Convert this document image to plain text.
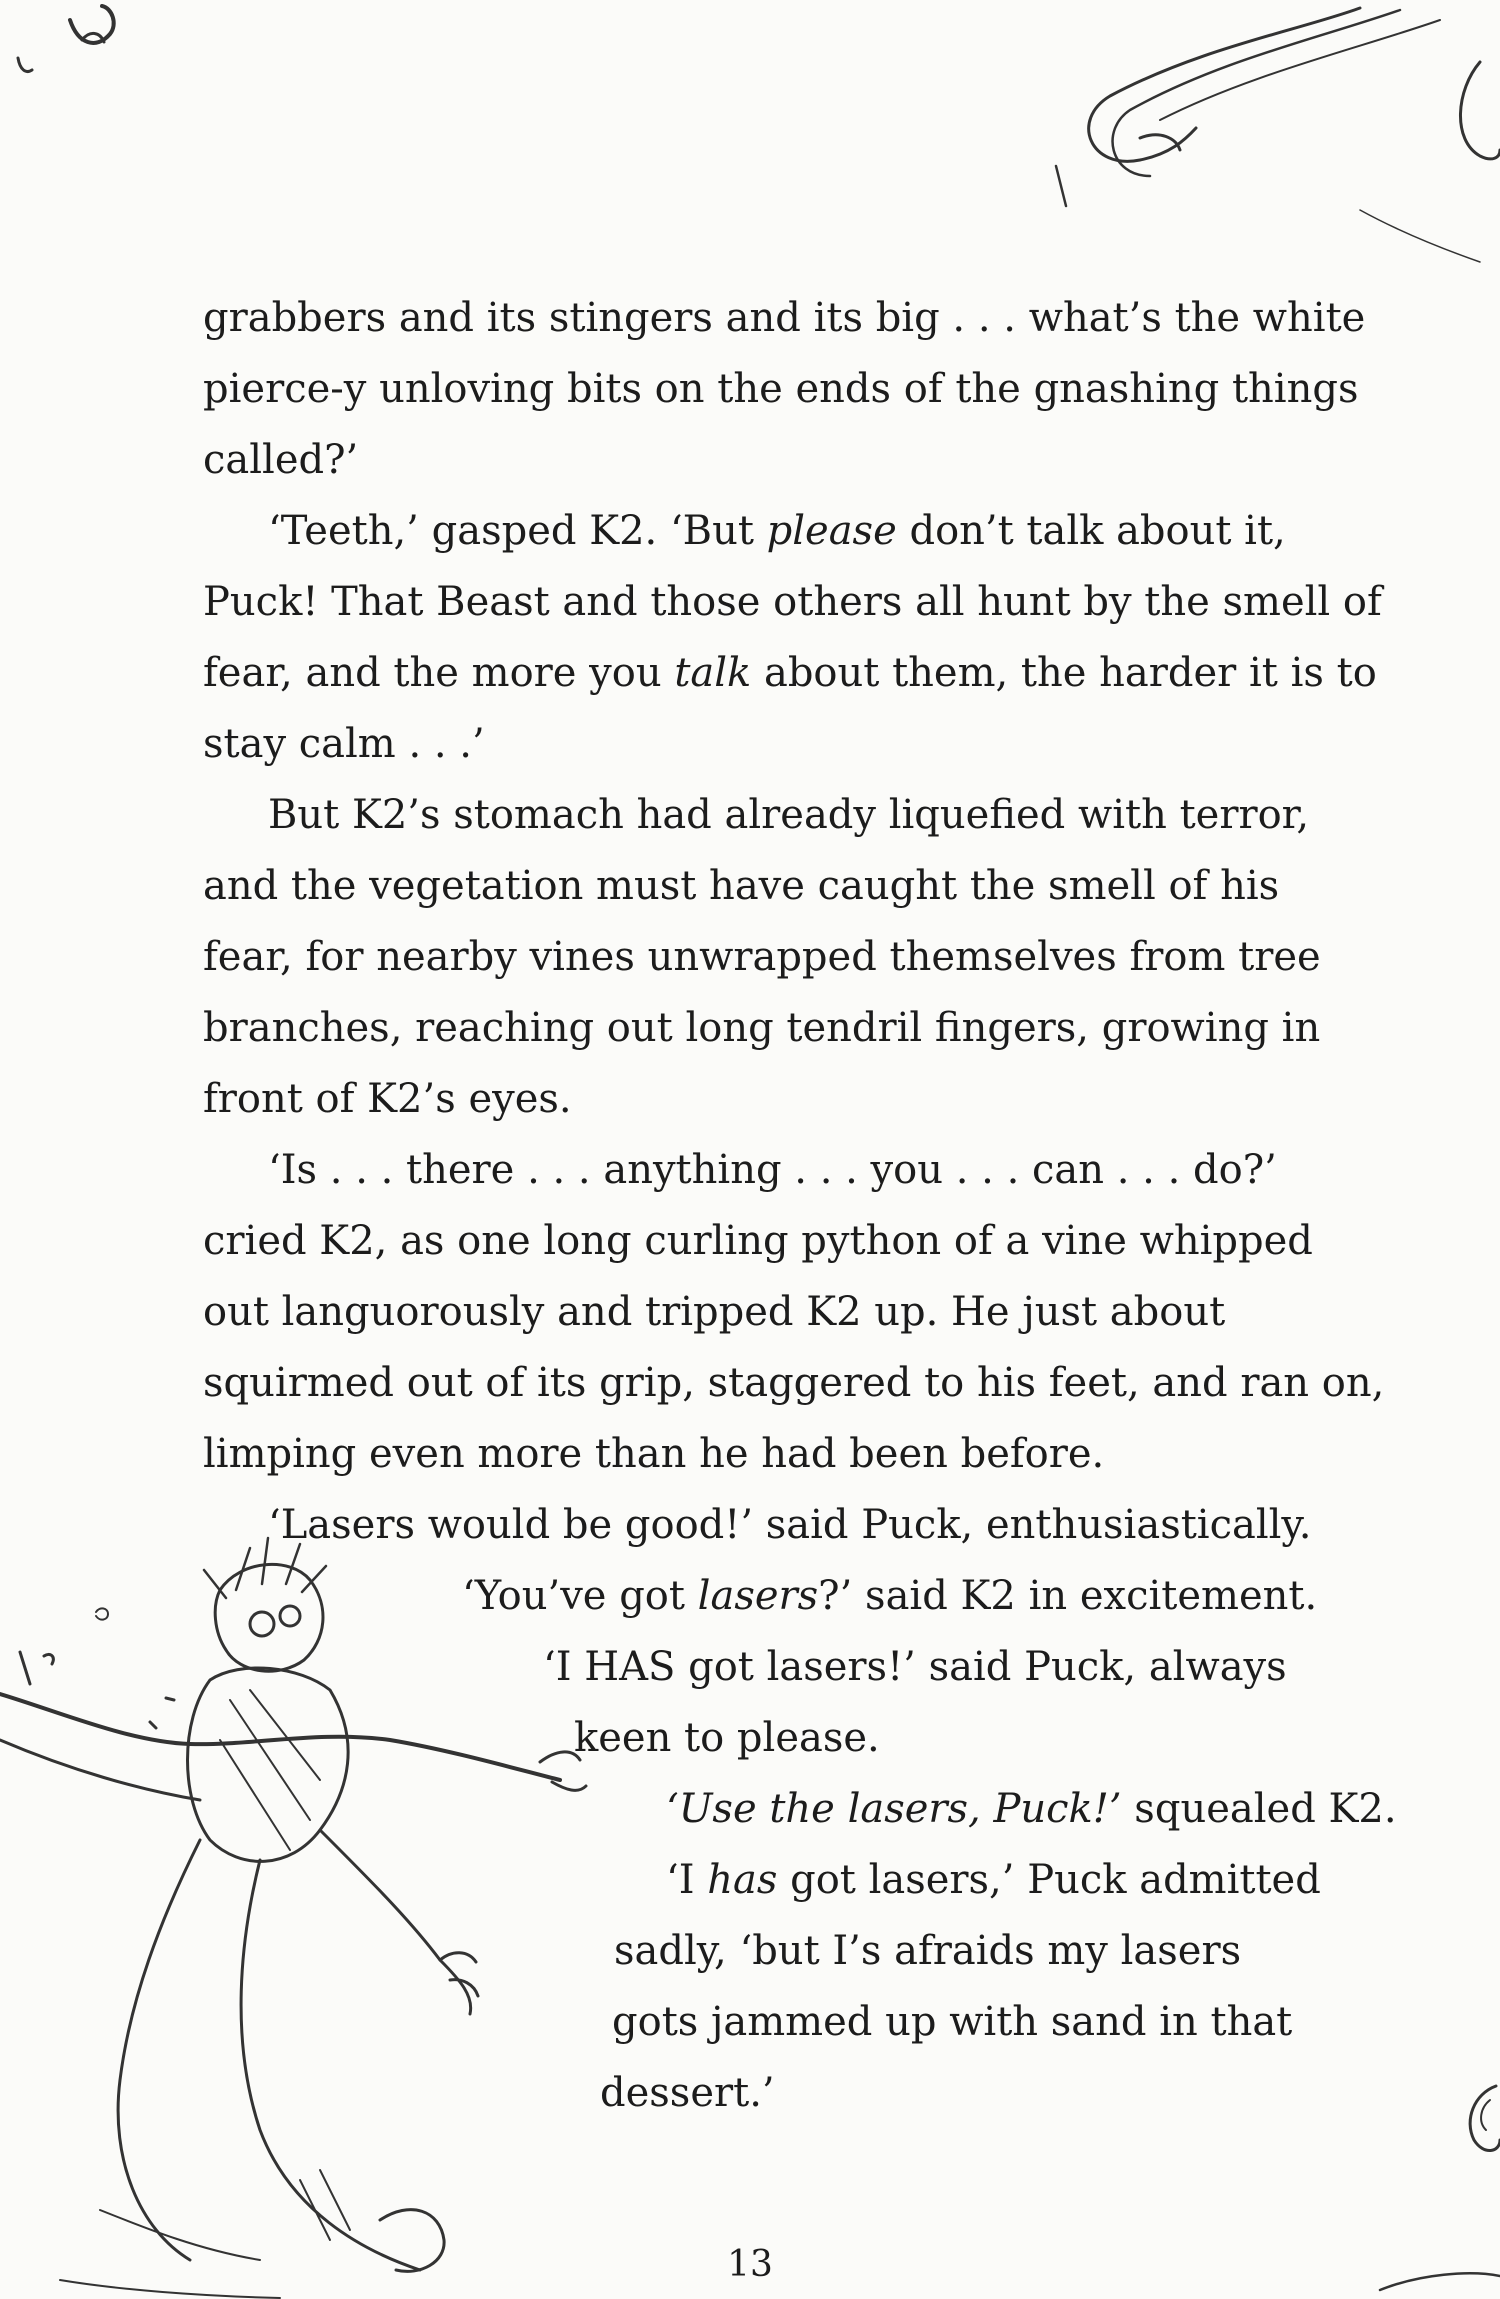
grabbers and its stingers and its big . . . what’s the white
pierce-y unloving bits on the ends of the gnashing things
called?’
‘Teeth,’ gasped K2. ‘But please don’t talk about it,
Puck! That Beast and those others all hunt by the smell of
fear, and the more you talk about them, the harder it is to
stay calm . . .’
But K2’s stomach had already liquefied with terror,
and the vegetation must have caught the smell of his
fear, for nearby vines unwrapped themselves from tree
branches, reaching out long tendril fingers, growing in
front of K2’s eyes.
‘Is . . . there . . . anything . . . you . . . can . . . do?’
cried K2, as one long curling python of a vine whipped
out languorously and tripped K2 up. He just about
squirmed out of its grip, staggered to his feet, and ran on,
limping even more than he had been before.
‘Lasers would be good!’ said Puck, enthusiastically.
‘You’ve got lasers?’ said K2 in excitement.
‘I HAS got lasers!’ said Puck, always
keen to please.
‘Use the lasers, Puck!’ squealed K2.
‘I has got lasers,’ Puck admitted
sadly, ‘but I’s afraids my lasers
gots jammed up with sand in that
dessert.’
13
